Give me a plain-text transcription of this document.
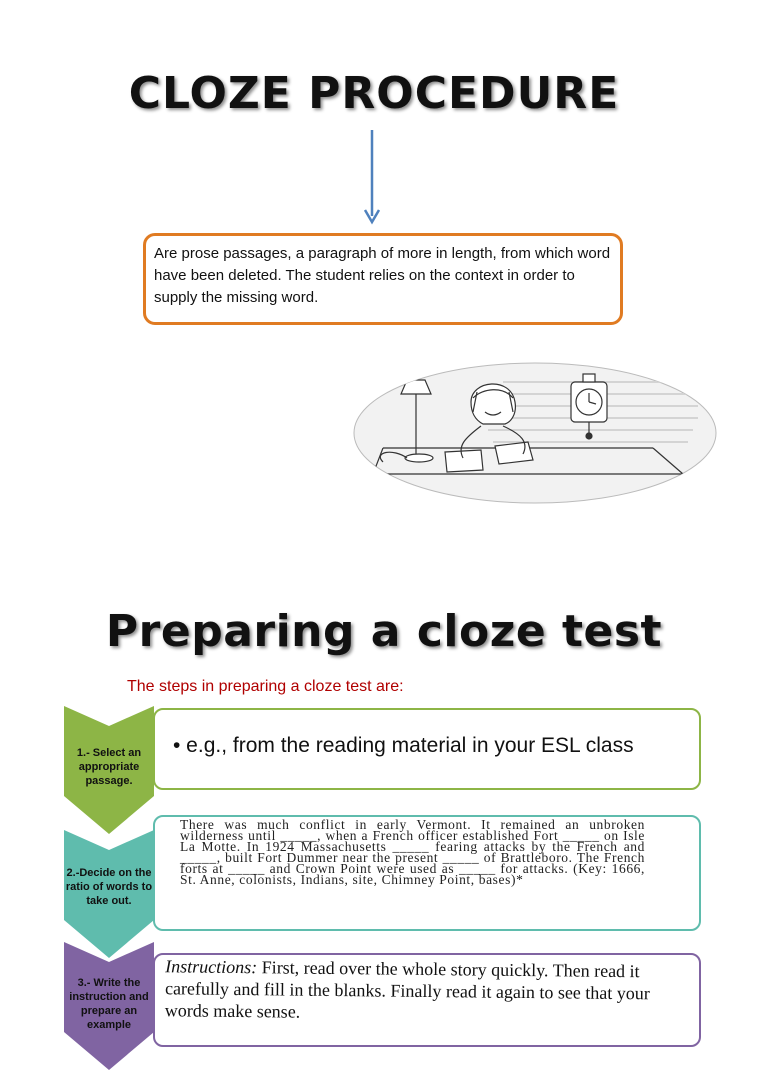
CLOZE PROCEDURE
Are prose passages, a paragraph of more in length, from which word have been deleted. The student relies on the context in order to supply the missing word.
Preparing a cloze test
The steps in preparing a cloze test are:
• e.g., from the reading material in your ESL class
1.- Select an appropriate passage.
There was much conflict in early Vermont. It remained an unbroken wilderness until _____, when a French officer established Fort _____ on Isle La Motte. In 1924 Massachusetts _____ fearing attacks by the French and _____, built Fort Dummer near the present _____ of Brattleboro. The French forts at _____ and Crown Point were used as _____ for attacks. (Key: 1666, St. Anne, colonists, Indians, site, Chimney Point, bases)*
2.-Decide on the ratio of words to take out.
Instructions: First, read over the whole story quickly. Then read it carefully and fill in the blanks. Finally read it again to see that your words make sense.
3.- Write the instruction and prepare an example
